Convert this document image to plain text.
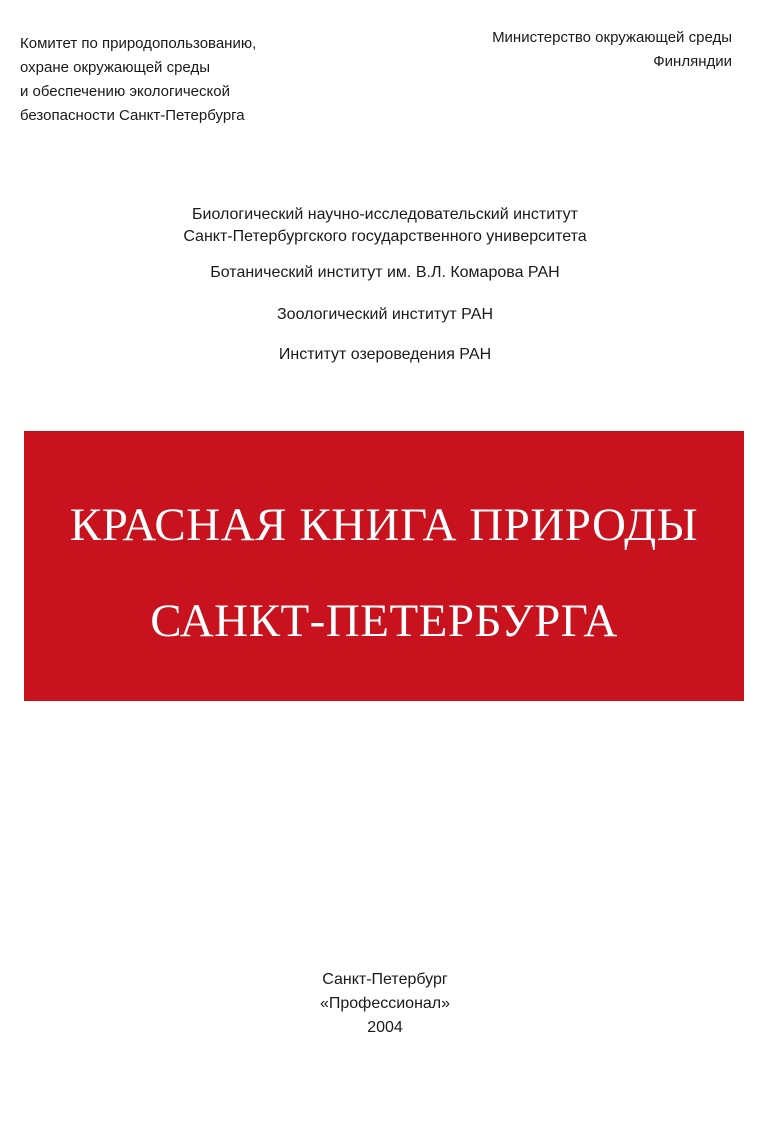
Комитет по природопользованию,
охране окружающей среды
и обеспечению экологической
безопасности Санкт-Петербурга
Министерство окружающей среды
Финляндии
Биологический научно-исследовательский институт
Санкт-Петербургского государственного университета
Ботанический институт им. В.Л. Комарова РАН
Зоологический институт РАН
Институт озероведения РАН
КРАСНАЯ КНИГА ПРИРОДЫ
САНКТ-ПЕТЕРБУРГА
Санкт-Петербург
«Профессионал»
2004
